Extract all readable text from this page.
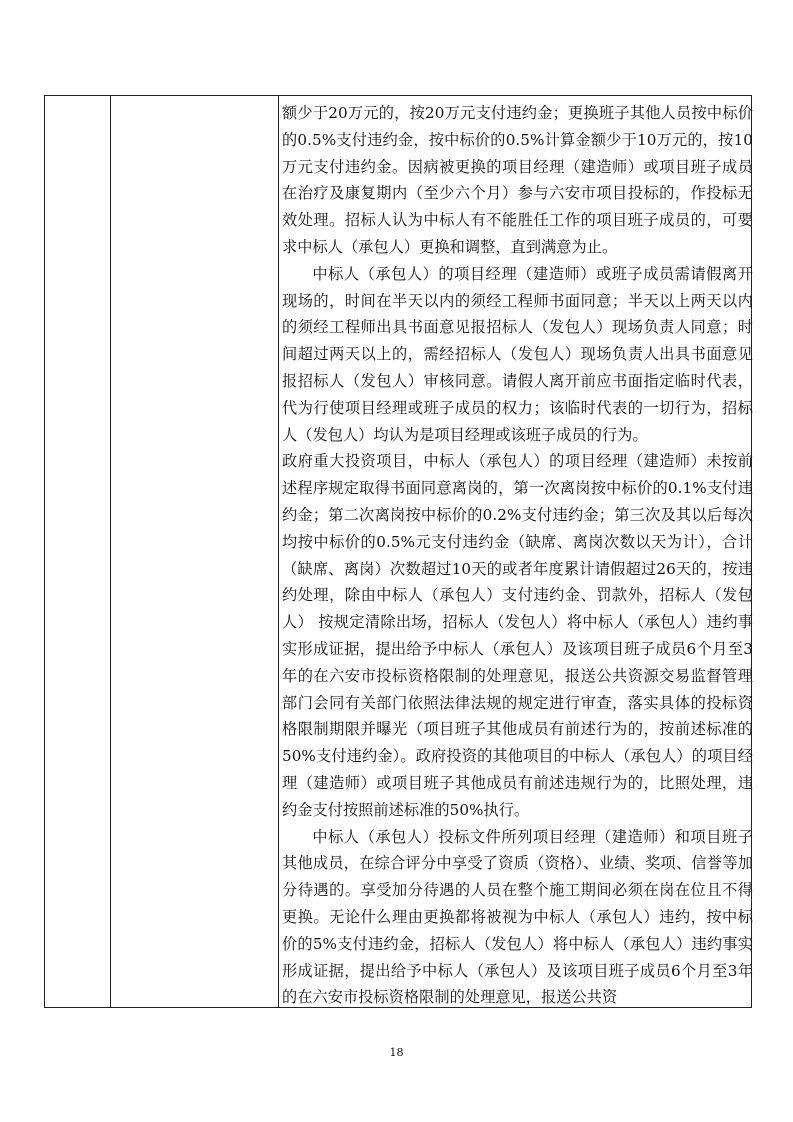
额少于20万元的，按20万元支付违约金；更换班子其他人员按中标价的0.5%支付违约金，按中标价的0.5%计算金额少于10万元的，按10万元支付违约金。因病被更换的项目经理（建造师）或项目班子成员在治疗及康复期内（至少六个月）参与六安市项目投标的，作投标无效处理。招标人认为中标人有不能胜任工作的项目班子成员的，可要求中标人（承包人）更换和调整，直到满意为止。

中标人（承包人）的项目经理（建造师）或班子成员需请假离开现场的，时间在半天以内的须经工程师书面同意；半天以上两天以内的须经工程师出具书面意见报招标人（发包人）现场负责人同意；时间超过两天以上的，需经招标人（发包人）现场负责人出具书面意见报招标人（发包人）审核同意。请假人离开前应书面指定临时代表，代为行使项目经理或班子成员的权力；该临时代表的一切行为，招标人（发包人）均认为是项目经理或该班子成员的行为。

政府重大投资项目，中标人（承包人）的项目经理（建造师）未按前述程序规定取得书面同意离岗的，第一次离岗按中标价的0.1%支付违约金；第二次离岗按中标价的0.2%支付违约金；第三次及其以后每次均按中标价的0.5%元支付违约金（缺席、离岗次数以天为计），合计（缺席、离岗）次数超过10天的或者年度累计请假超过26天的，按违约处理，除由中标人（承包人）支付违约金、罚款外，招标人（发包人） 按规定清除出场，招标人（发包人）将中标人（承包人）违约事实形成证据，提出给予中标人（承包人）及该项目班子成员6个月至3年的在六安市投标资格限制的处理意见，报送公共资源交易监督管理部门会同有关部门依照法律法规的规定进行审查，落实具体的投标资格限制期限并曝光（项目班子其他成员有前述行为的，按前述标准的50%支付违约金）。政府投资的其他项目的中标人（承包人）的项目经理（建造师）或项目班子其他成员有前述违规行为的，比照处理，违约金支付按照前述标准的50%执行。

中标人（承包人）投标文件所列项目经理（建造师）和项目班子其他成员，在综合评分中享受了资质（资格）、业绩、奖项、信誉等加分待遇的。享受加分待遇的人员在整个施工期间必须在岗在位且不得更换。无论什么理由更换都将被视为中标人（承包人）违约，按中标价的5%支付违约金，招标人（发包人）将中标人（承包人）违约事实形成证据，提出给予中标人（承包人）及该项目班子成员6个月至3年的在六安市投标资格限制的处理意见，报送公共资

18
